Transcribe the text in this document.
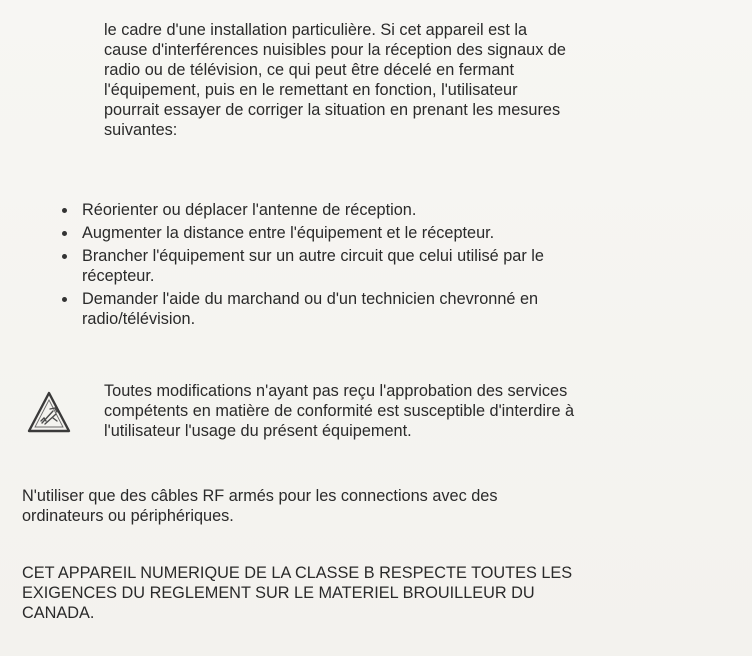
le cadre d'une installation particulière. Si cet appareil est la
cause d'interférences nuisibles pour la réception des signaux de
radio ou de télévision, ce qui peut être décelé en fermant
l'équipement, puis en le remettant en fonction, l'utilisateur
pourrait essayer de corriger la situation en prenant les mesures
suivantes:

Réorienter ou déplacer l'antenne de réception.
Augmenter la distance entre l'équipement et le récepteur.
Brancher l'équipement sur un autre circuit que celui utilisé par le
récepteur.
Demander l'aide du marchand ou d'un technicien chevronné en
radio/télévision.

Toutes modifications n'ayant pas reçu l'approbation des services
compétents en matière de conformité est susceptible d'interdire à
l'utilisateur l'usage du présent équipement.

N'utiliser que des câbles RF armés pour les connections avec des
ordinateurs ou périphériques.

CET APPAREIL NUMERIQUE DE LA CLASSE B RESPECTE TOUTES LES
EXIGENCES DU REGLEMENT SUR LE MATERIEL BROUILLEUR DU
CANADA.
